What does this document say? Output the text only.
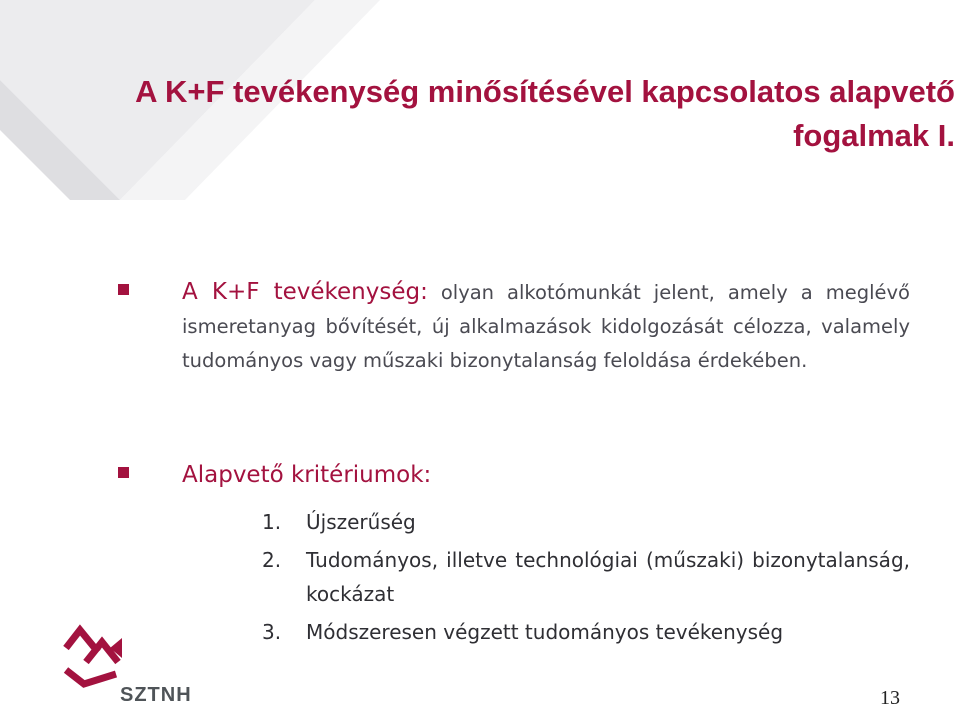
A K+F tevékenység minősítésével kapcsolatos alapvető
fogalmak I.
A K+F tevékenység: olyan alkotómunkát jelent, amely a meglévő ismeretanyag bővítését, új alkalmazások kidolgozását célozza, valamely tudományos vagy műszaki bizonytalanság feloldása érdekében.
Alapvető kritériumok:
1. Újszerűség
2. Tudományos, illetve technológiai (műszaki) bizonytalanság, kockázat
3. Módszeresen végzett tudományos tevékenység
SZTNH	13
